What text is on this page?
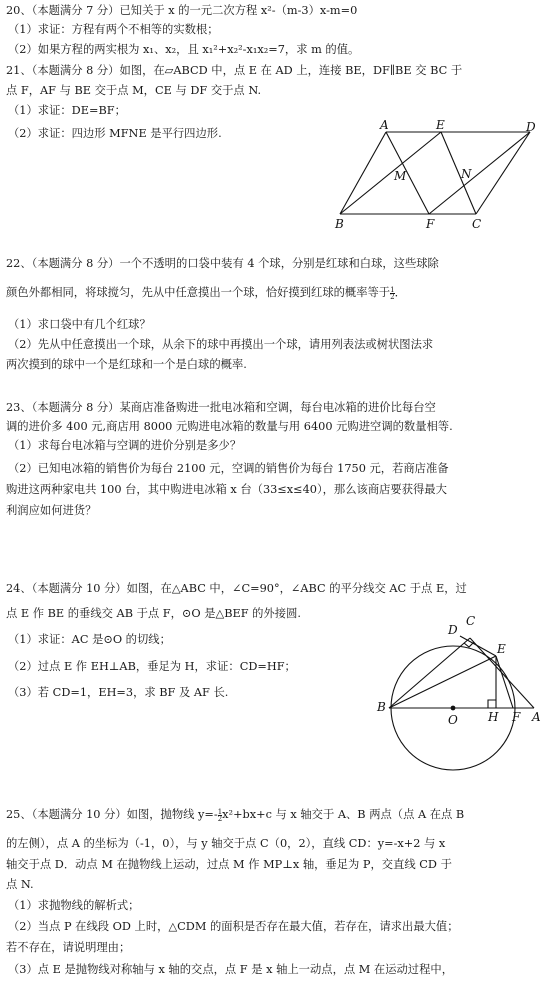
20、（本题满分 7 分）已知关于 x 的一元二次方程 x²-（m-3）x-m=0
（1）求证：方程有两个不相等的实数根；
（2）如果方程的两实根为 x₁、x₂，且 x₁²+x₂²-x₁x₂=7，求 m 的值。
21、（本题满分 8 分）如图，在▱ABCD 中，点 E 在 AD 上，连接 BE，DF∥BE 交 BC 于
点 F，AF 与 BE 交于点 M，CE 与 DF 交于点 N.
（1）求证：DE=BF；
（2）求证：四边形 MFNE 是平行四边形.
A	E	D
M	N
B	F	C
22、（本题满分 8 分）一个不透明的口袋中装有 4 个球，分别是红球和白球，这些球除
颜色外都相同，将球搅匀，先从中任意摸出一个球，恰好摸到红球的概率等于 $\frac{1}{2}$ ．
（1）求口袋中有几个红球？
（2）先从中任意摸出一个球，从余下的球中再摸出一个球，请用列表法或树状图法求
两次摸到的球中一个是红球和一个是白球的概率.
23、（本题满分 8 分）某商店准备购进一批电冰箱和空调，每台电冰箱的进价比每台空
调的进价多 400 元,商店用 8000 元购进电冰箱的数量与用 6400 元购进空调的数量相等.
（1）求每台电冰箱与空调的进价分别是多少？
（2）已知电冰箱的销售价为每台 2100 元，空调的销售价为每台 1750 元，若商店准备
购进这两种家电共 100 台，其中购进电冰箱 x 台（33≤x≤40），那么该商店要获得最大
利润应如何进货？
24、（本题满分 10 分）如图，在△ABC 中，∠C=90°，∠ABC 的平分线交 AC 于点 E，过
点 E 作 BE 的垂线交 AB 于点 F，⊙O 是△BEF 的外接圆.
（1）求证：AC 是⊙O 的切线；
（2）过点 E 作 EH⊥AB，垂足为 H，求证：CD=HF；
（3）若 CD=1，EH=3，求 BF 及 AF 长.
C
D
E
B
O	H F A
25、（本题满分 10 分）如图，抛物线 $y=- \frac{1}{2} x^2+bx+c$ 与 x 轴交于 A、B 两点（点 A 在点 B
的左侧），点 A 的坐标为（-1，0），与 y 轴交于点 C（0，2），直线 CD：y=-x+2 与 x
轴交于点 D．动点 M 在抛物线上运动，过点 M 作 MP⊥x 轴，垂足为 P，交直线 CD 于
点 N.
（1）求抛物线的解析式；
（2）当点 P 在线段 OD 上时，△CDM 的面积是否存在最大值，若存在，请求出最大值；
若不存在，请说明理由；
（3）点 E 是抛物线对称轴与 x 轴的交点，点 F 是 x 轴上一动点，点 M 在运动过程中，
